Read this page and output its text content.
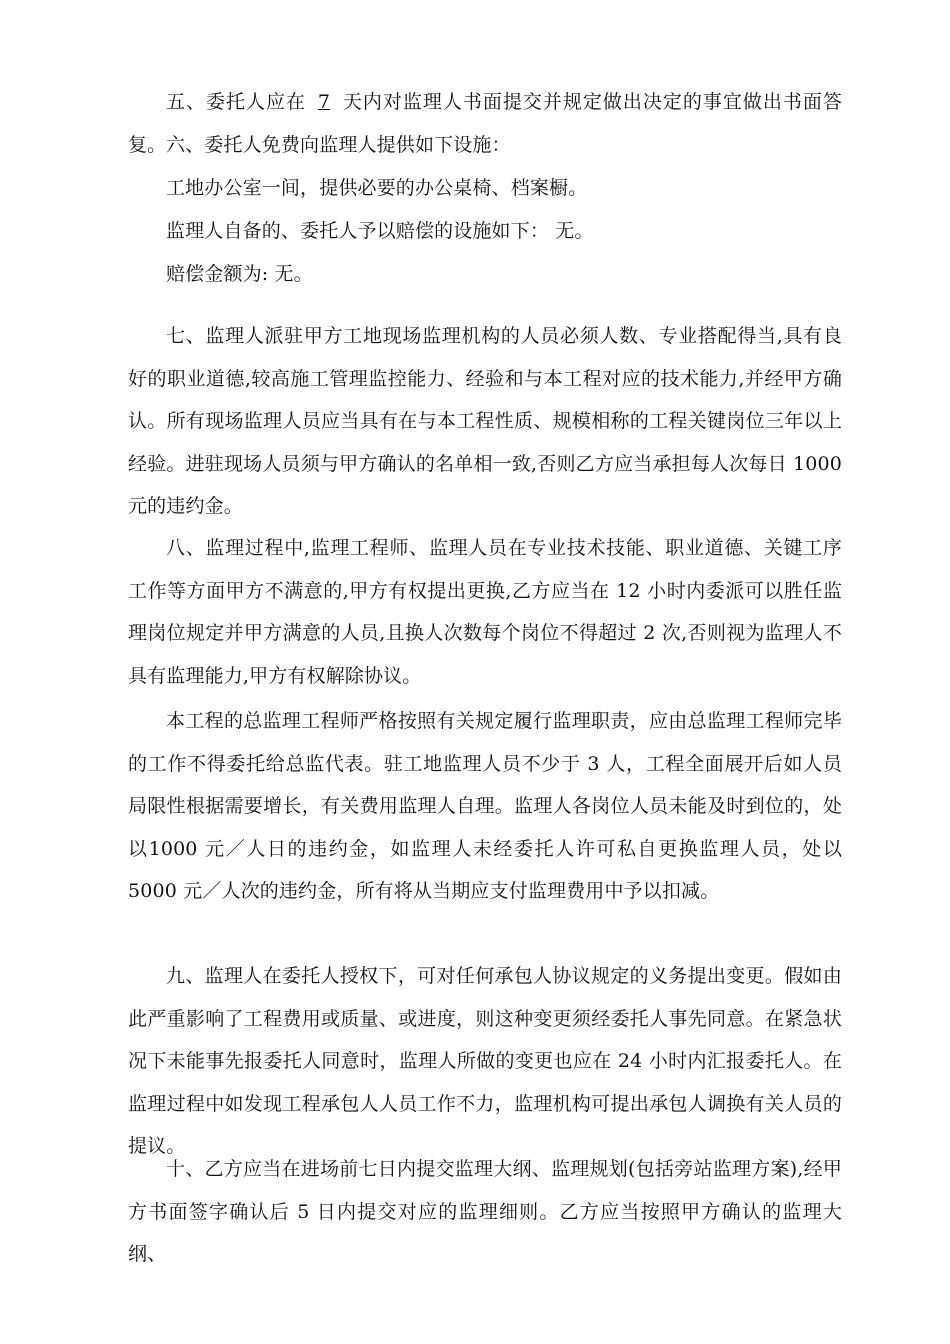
五、委托人应在 7 天内对监理人书面提交并规定做出决定的事宜做出书面答复。 六、委托人免费向监理人提供如下设施：

工地办公室一间，提供必要的办公桌椅、档案橱。

监理人自备的、委托人予以赔偿的设施如下： 无。

赔偿金额为: 无。

七、监理人派驻甲方工地现场监理机构的人员必须人数、专业搭配得当,具有良好的职业道德,较高施工管理监控能力、经验和与本工程对应的技术能力,并经甲方确认。所有现场监理人员应当具有在与本工程性质、规模相称的工程关键岗位三年以上经验。进驻现场人员须与甲方确认的名单相一致,否则乙方应当承担每人次每日 1000 元的违约金。

八、监理过程中,监理工程师、监理人员在专业技术技能、职业道德、关键工序工作等方面甲方不满意的,甲方有权提出更换,乙方应当在 12 小时内委派可以胜任监理岗位规定并甲方满意的人员,且换人次数每个岗位不得超过 2 次,否则视为监理人不具有监理能力,甲方有权解除协议。

本工程的总监理工程师严格按照有关规定履行监理职责，应由总监理工程师完毕的工作不得委托给总监代表。驻工地监理人员不少于 3 人，工程全面展开后如人员局限性根据需要增长，有关费用监理人自理。监理人各岗位人员未能及时到位的，处以1000 元／人日的违约金，如监理人未经委托人许可私自更换监理人员，处以 5000 元／人次的违约金，所有将从当期应支付监理费用中予以扣减。

九、监理人在委托人授权下，可对任何承包人协议规定的义务提出变更。假如由此严重影响了工程费用或质量、或进度，则这种变更须经委托人事先同意。在紧急状况下未能事先报委托人同意时，监理人所做的变更也应在 24 小时内汇报委托人。在监理过程中如发现工程承包人人员工作不力，监理机构可提出承包人调换有关人员的提议。

十、乙方应当在进场前七日内提交监理大纲、监理规划(包括旁站监理方案),经甲方书面签字确认后 5 日内提交对应的监理细则。乙方应当按照甲方确认的监理大纲、
